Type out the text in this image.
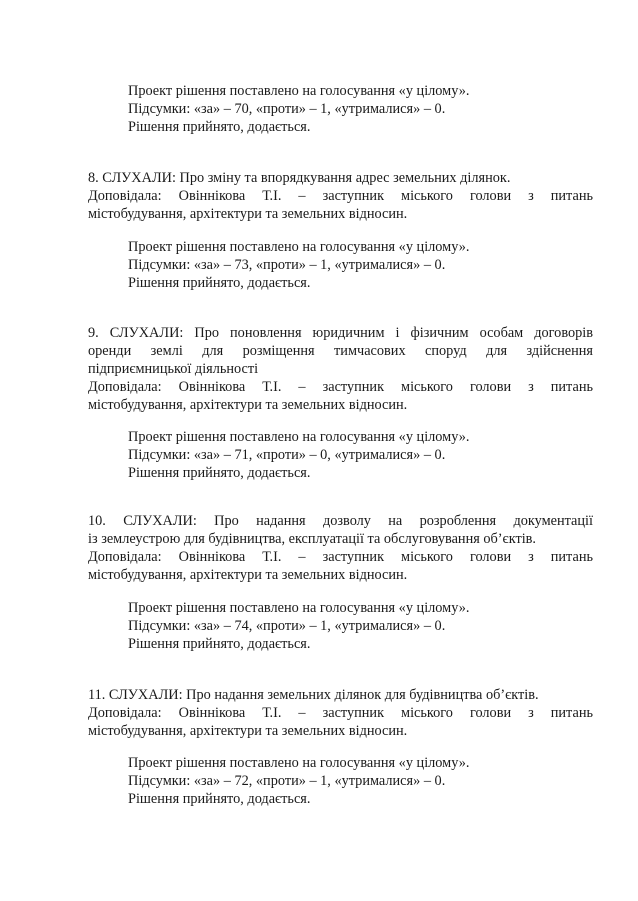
Проект рішення поставлено на голосування «у цілому».
Підсумки: «за» – 70, «проти» – 1, «утрималися» – 0.
Рішення прийнято, додається.
8. СЛУХАЛИ: Про зміну та впорядкування адрес земельних ділянок.
Доповідала: Овіннікова Т.І. – заступник міського голови з питань
містобудування, архітектури та земельних відносин.
Проект рішення поставлено на голосування «у цілому».
Підсумки: «за» – 73, «проти» – 1, «утрималися» – 0.
Рішення прийнято, додається.
9. СЛУХАЛИ: Про поновлення юридичним і фізичним особам договорів
оренди землі для розміщення тимчасових споруд для здійснення
підприємницької діяльності
Доповідала: Овіннікова Т.І. – заступник міського голови з питань
містобудування, архітектури та земельних відносин.
Проект рішення поставлено на голосування «у цілому».
Підсумки: «за» – 71, «проти» – 0, «утрималися» – 0.
Рішення прийнято, додається.
10. СЛУХАЛИ: Про надання дозволу на розроблення документації
із землеустрою для будівництва, експлуатації та обслуговування об’єктів.
Доповідала: Овіннікова Т.І. – заступник міського голови з питань
містобудування, архітектури та земельних відносин.
Проект рішення поставлено на голосування «у цілому».
Підсумки: «за» – 74, «проти» – 1, «утрималися» – 0.
Рішення прийнято, додається.
11. СЛУХАЛИ: Про надання земельних ділянок для будівництва об’єктів.
Доповідала: Овіннікова Т.І. – заступник міського голови з питань
містобудування, архітектури та земельних відносин.
Проект рішення поставлено на голосування «у цілому».
Підсумки: «за» – 72, «проти» – 1, «утрималися» – 0.
Рішення прийнято, додається.
